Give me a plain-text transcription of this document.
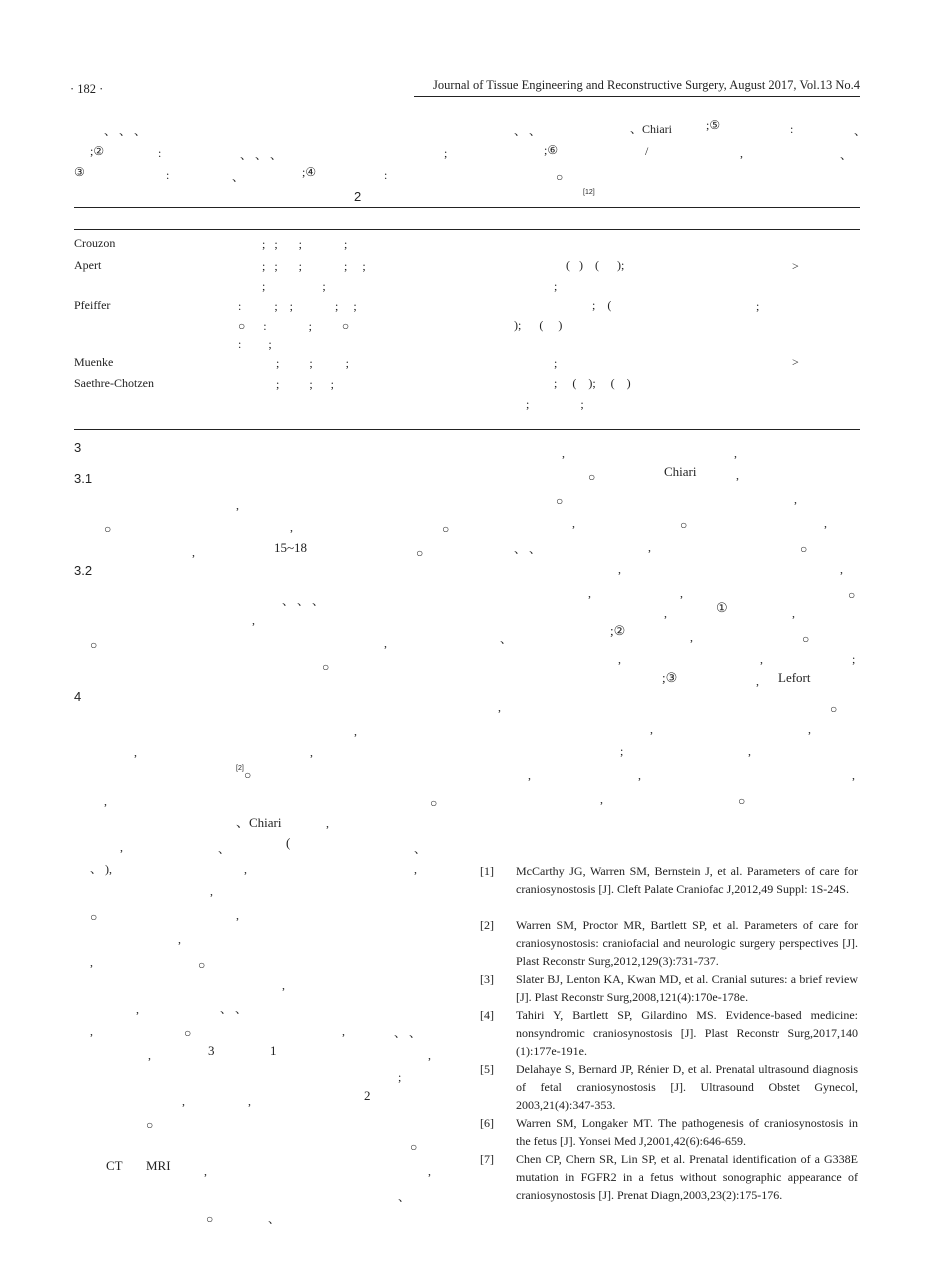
· 182 ·	Journal of Tissue Engineering and Reconstructive Surgery, August 2017, Vol.13 No.4
、 、 、
;②	:	、 、 、	;
③	:	、	;④	:
、 、	、Chiari	;⑤	:	、
;⑥	/	,	、
○
2	[12]
Crouzon	;   ;       ;              ;
Apert	;   ;       ;              ;     ;	(   )    (      );	>
;                   ;	;
Pfeiffer	:           ;    ;              ;     ;	;    (	;
○      :              ;          ○	);      (     )
:         ;
Muenke	;          ;           ;	;	>
Saethre-Chotzen	;          ;      ;	;     (    );     (    )
;                 ;
3
3.1
,
○	,	○
,	15~18	○
3.2
、 、 、
,
○	,
○
4
,
,	,
[2] ○
,	○
、Chiari	,
,	、	(	、
、 ),	,	,
,
○	,
,
,	○
,
,	、 、
,	○	,	、 、
,	3	1	,
;
,	,	2
○
○
CT MRI	,	,
、
○	、
,	,
○	Chiari	,
○	,
,	○	,
、 、	,	○
,	,
,	,	○
,	①	,
、
;②	,	○
,	,	;
;③	, Lefort
,	○
,	,
;	,
,	,	,
,	○
[1] McCarthy JG, Warren SM, Bernstein J, et al. Parameters of care for craniosynostosis [J]. Cleft Palate Craniofac J,2012,49 Suppl: 1S-24S.
[2] Warren SM, Proctor MR, Bartlett SP, et al. Parameters of care for craniosynostosis: craniofacial and neurologic surgery perspectives [J]. Plast Reconstr Surg,2012,129(3):731-737.
[3] Slater BJ, Lenton KA, Kwan MD, et al. Cranial sutures: a brief review [J]. Plast Reconstr Surg,2008,121(4):170e-178e.
[4] Tahiri Y, Bartlett SP, Gilardino MS. Evidence-based medicine: nonsyndromic craniosynostosis [J]. Plast Reconstr Surg,2017,140 (1):177e-191e.
[5] Delahaye S, Bernard JP, Rénier D, et al. Prenatal ultrasound diagnosis of fetal craniosynostosis [J]. Ultrasound Obstet Gynecol, 2003,21(4):347-353.
[6] Warren SM, Longaker MT. The pathogenesis of craniosynostosis in the fetus [J]. Yonsei Med J,2001,42(6):646-659.
[7] Chen CP, Chern SR, Lin SP, et al. Prenatal identification of a G338E mutation in FGFR2 in a fetus without sonographic appearance of craniosynostosis [J]. Prenat Diagn,2003,23(2):175-176.
